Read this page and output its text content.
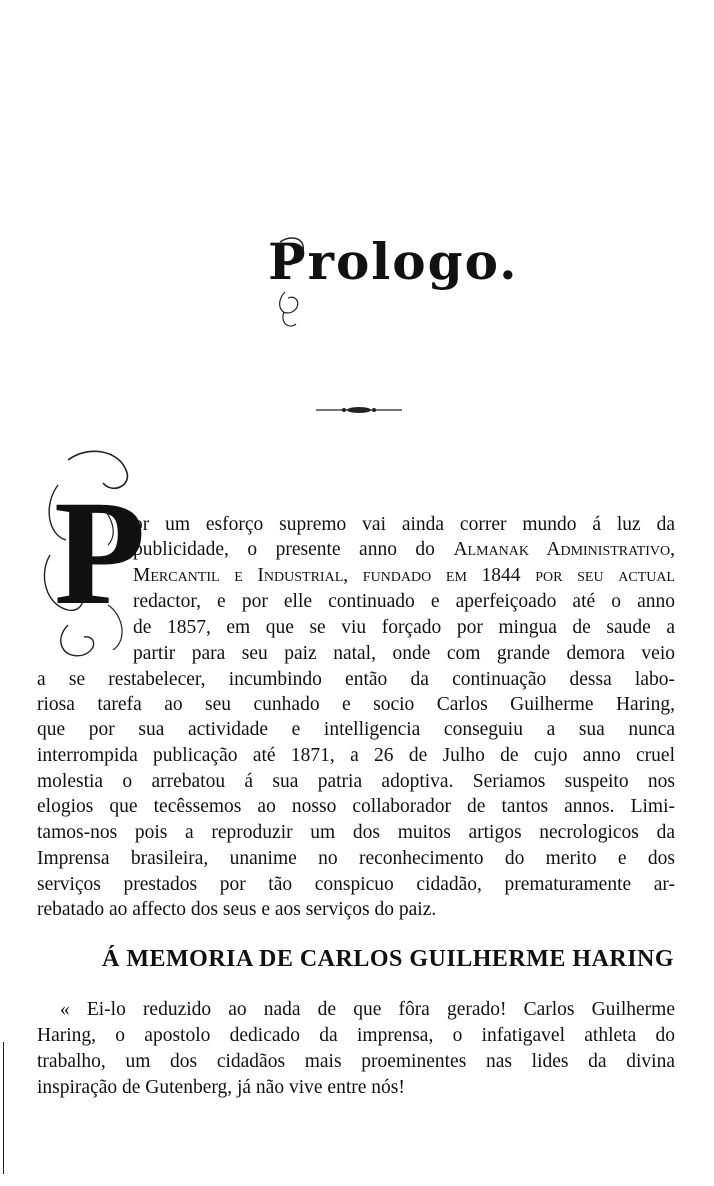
Prologo.
P
or um esforço supremo vai ainda correr mundo á luz da
publicidade, o presente anno do Almanak Administrativo,
Mercantil e Industrial, fundado em 1844 por seu actual
redactor, e por elle continuado e aperfeiçoado até o anno
de 1857, em que se viu forçado por mingua de saude a
partir para seu paiz natal, onde com grande demora veio
a se restabelecer, incumbindo então da continuação dessa labo-
riosa tarefa ao seu cunhado e socio Carlos Guilherme Haring,
que por sua actividade e intelligencia conseguiu a sua nunca
interrompida publicação até 1871, a 26 de Julho de cujo anno cruel
molestia o arrebatou á sua patria adoptiva. Seriamos suspeito nos
elogios que tecêssemos ao nosso collaborador de tantos annos. Limi-
tamos-nos pois a reproduzir um dos muitos artigos necrologicos da
Imprensa brasileira, unanime no reconhecimento do merito e dos
serviços prestados por tão conspicuo cidadão, prematuramente ar-
rebatado ao affecto dos seus e aos serviços do paiz.
Á MEMORIA DE CARLOS GUILHERME HARING
« Ei-lo reduzido ao nada de que fôra gerado! Carlos Guilherme
Haring, o apostolo dedicado da imprensa, o infatigavel athleta do
trabalho, um dos cidadãos mais proeminentes nas lides da divina
inspiração de Gutenberg, já não vive entre nós!
